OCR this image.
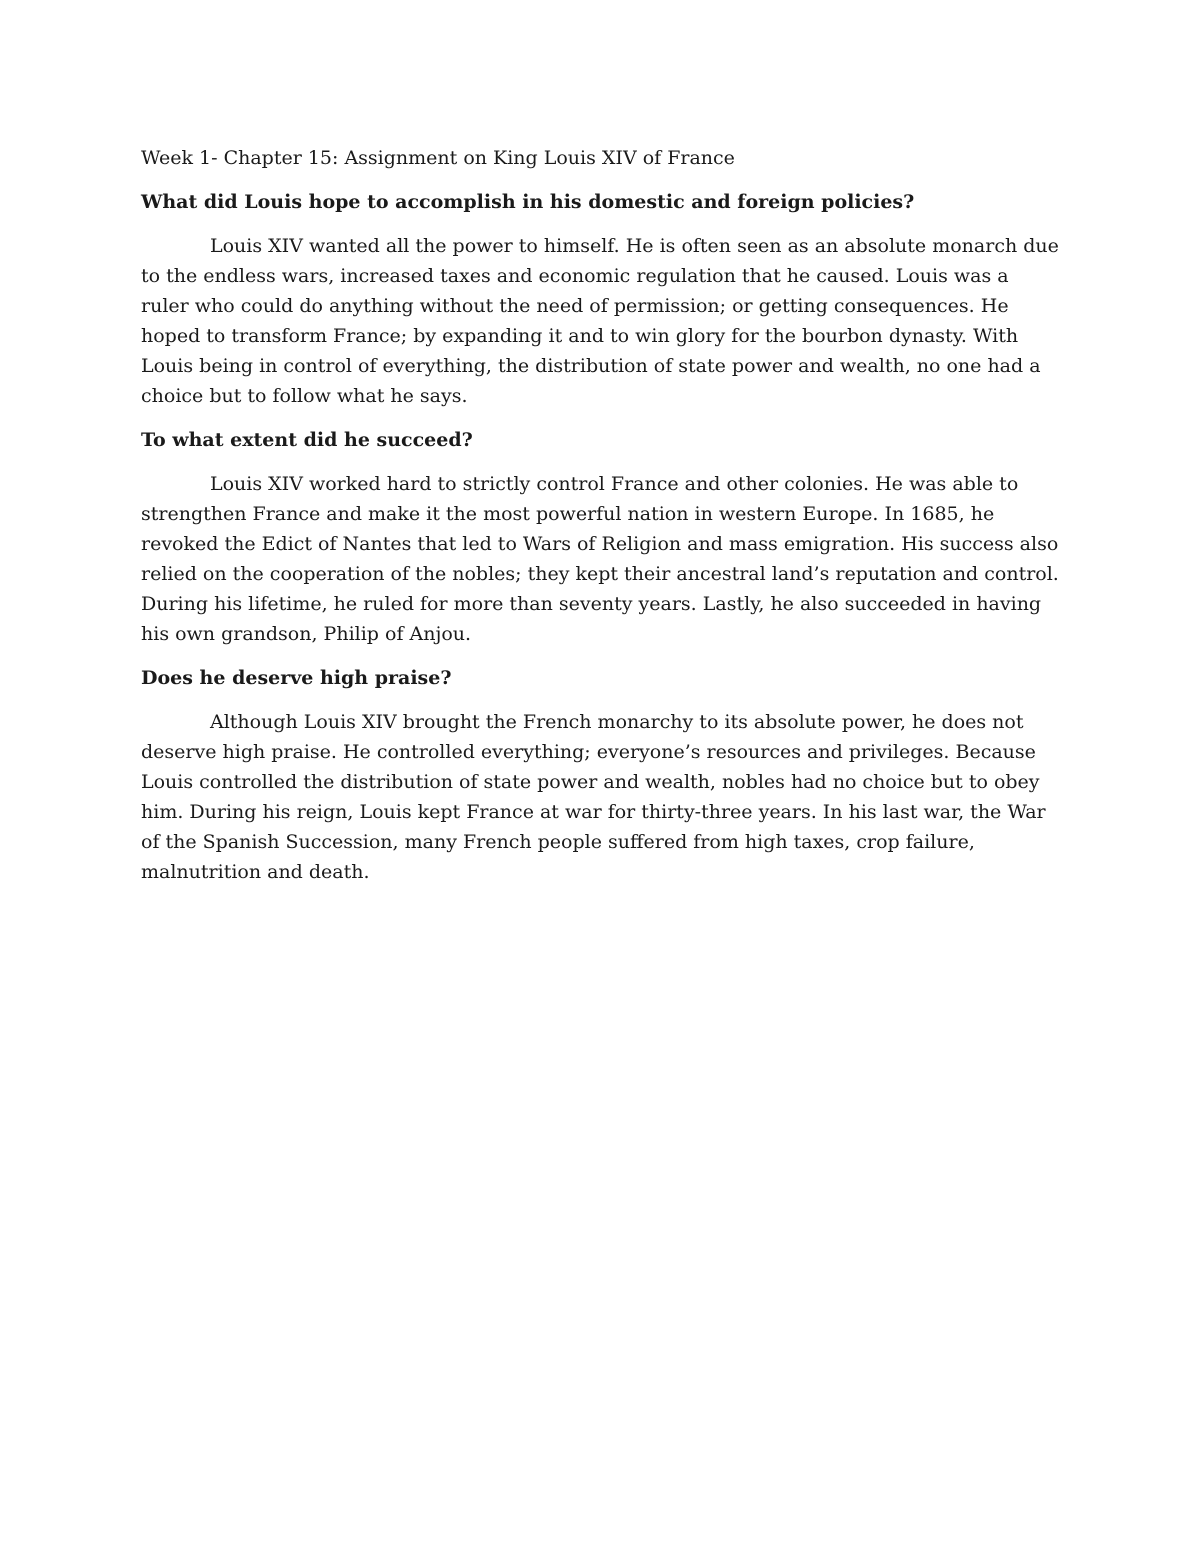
Week 1- Chapter 15: Assignment on King Louis XIV of France

What did Louis hope to accomplish in his domestic and foreign policies?

Louis XIV wanted all the power to himself. He is often seen as an absolute monarch due to the endless wars, increased taxes and economic regulation that he caused. Louis was a ruler who could do anything without the need of permission; or getting consequences. He hoped to transform France; by expanding it and to win glory for the bourbon dynasty. With Louis being in control of everything, the distribution of state power and wealth, no one had a choice but to follow what he says.

To what extent did he succeed?

Louis XIV worked hard to strictly control France and other colonies. He was able to strengthen France and make it the most powerful nation in western Europe. In 1685, he revoked the Edict of Nantes that led to Wars of Religion and mass emigration. His success also relied on the cooperation of the nobles; they kept their ancestral land’s reputation and control. During his lifetime, he ruled for more than seventy years. Lastly, he also succeeded in having his own grandson, Philip of Anjou.

Does he deserve high praise?

Although Louis XIV brought the French monarchy to its absolute power, he does not deserve high praise. He controlled everything; everyone’s resources and privileges. Because Louis controlled the distribution of state power and wealth, nobles had no choice but to obey him. During his reign, Louis kept France at war for thirty-three years. In his last war, the War of the Spanish Succession, many French people suffered from high taxes, crop failure, malnutrition and death.
